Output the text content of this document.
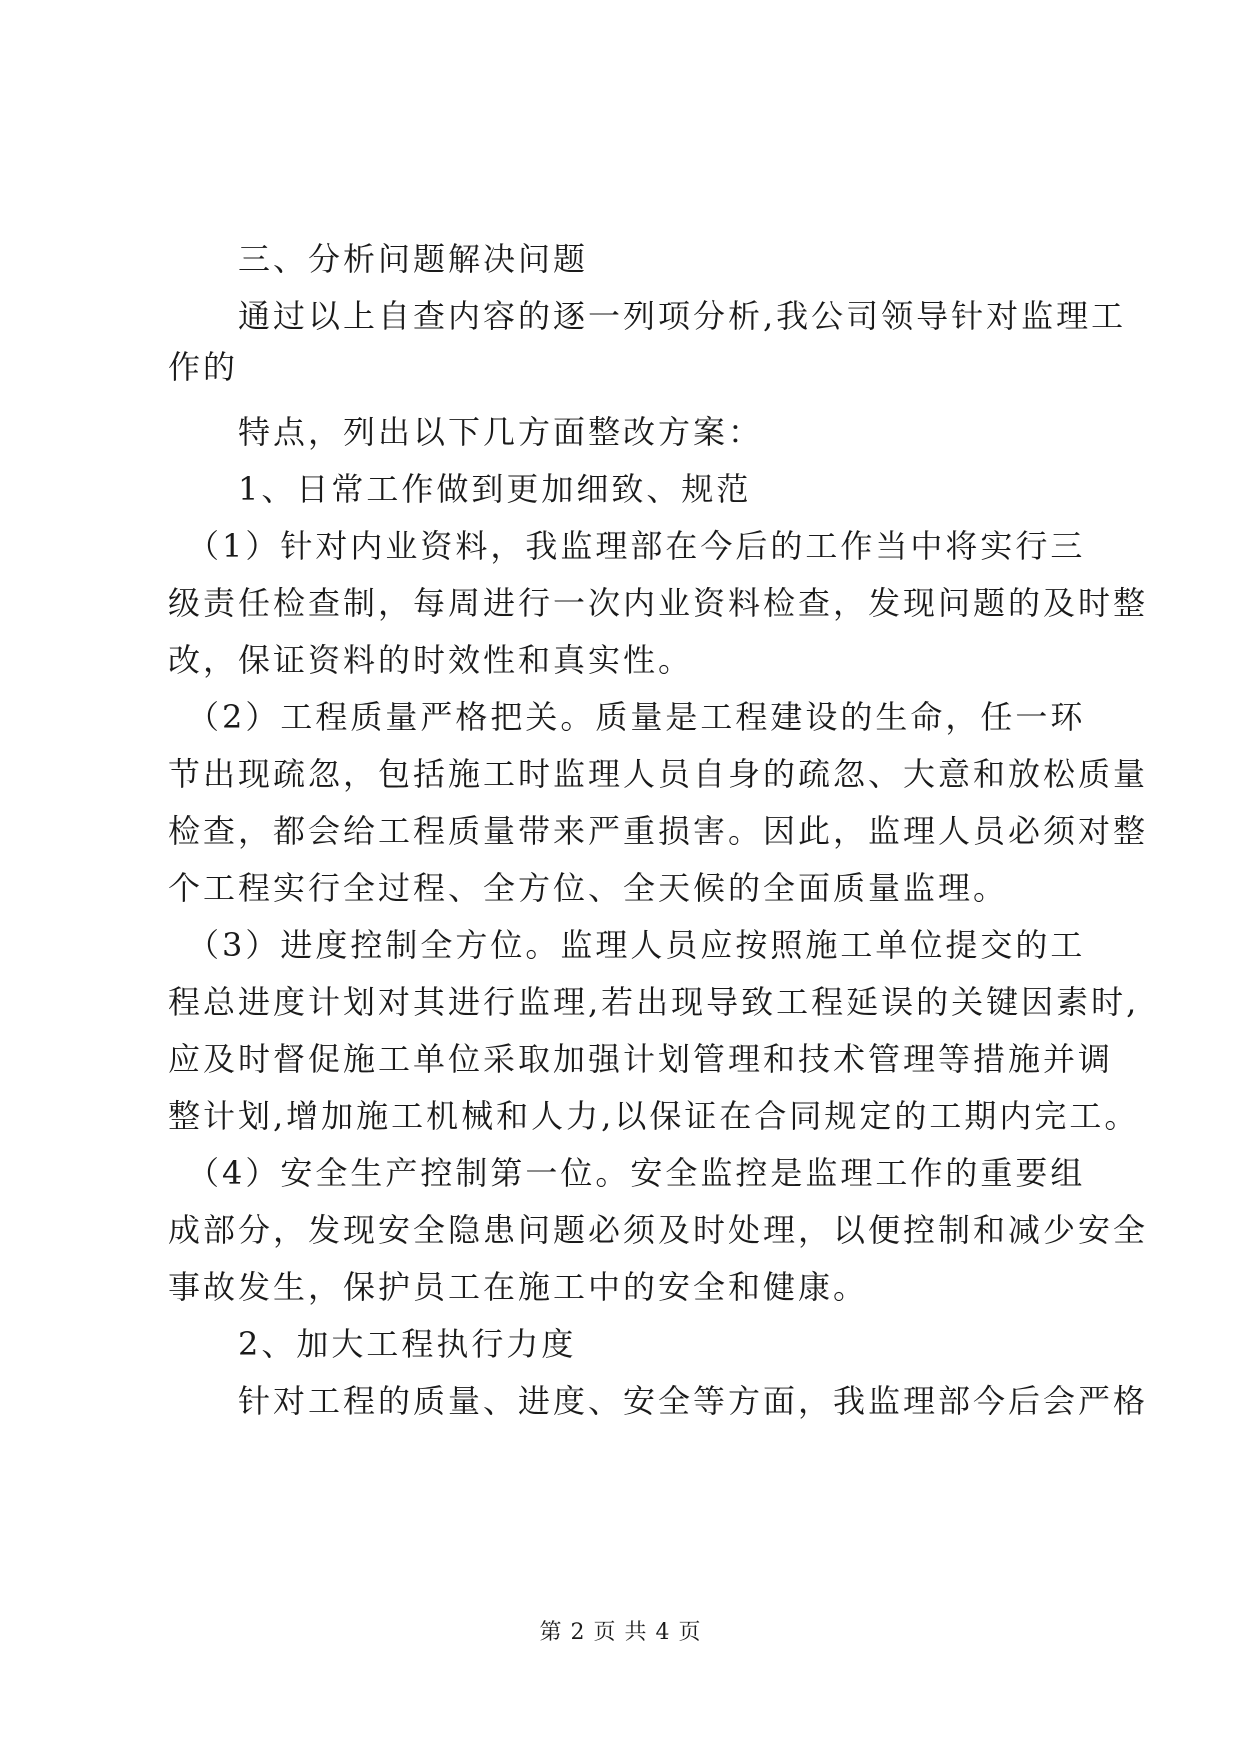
　　三、分析问题解决问题
　　通过以上自查内容的逐一列项分析,我公司领导针对监理工
作的
　　特点，列出以下几方面整改方案：
　　1、日常工作做到更加细致、规范
　（1）针对内业资料，我监理部在今后的工作当中将实行三
级责任检查制，每周进行一次内业资料检查，发现问题的及时整
改，保证资料的时效性和真实性。
　（2）工程质量严格把关。质量是工程建设的生命，任一环
节出现疏忽，包括施工时监理人员自身的疏忽、大意和放松质量
检查，都会给工程质量带来严重损害。因此，监理人员必须对整
个工程实行全过程、全方位、全天候的全面质量监理。
　（3）进度控制全方位。监理人员应按照施工单位提交的工
程总进度计划对其进行监理,若出现导致工程延误的关键因素时,
应及时督促施工单位采取加强计划管理和技术管理等措施并调
整计划,增加施工机械和人力,以保证在合同规定的工期内完工。
　（4）安全生产控制第一位。安全监控是监理工作的重要组
成部分，发现安全隐患问题必须及时处理，以便控制和减少安全
事故发生，保护员工在施工中的安全和健康。
　　2、加大工程执行力度
　　针对工程的质量、进度、安全等方面，我监理部今后会严格
第 2 页 共 4 页
